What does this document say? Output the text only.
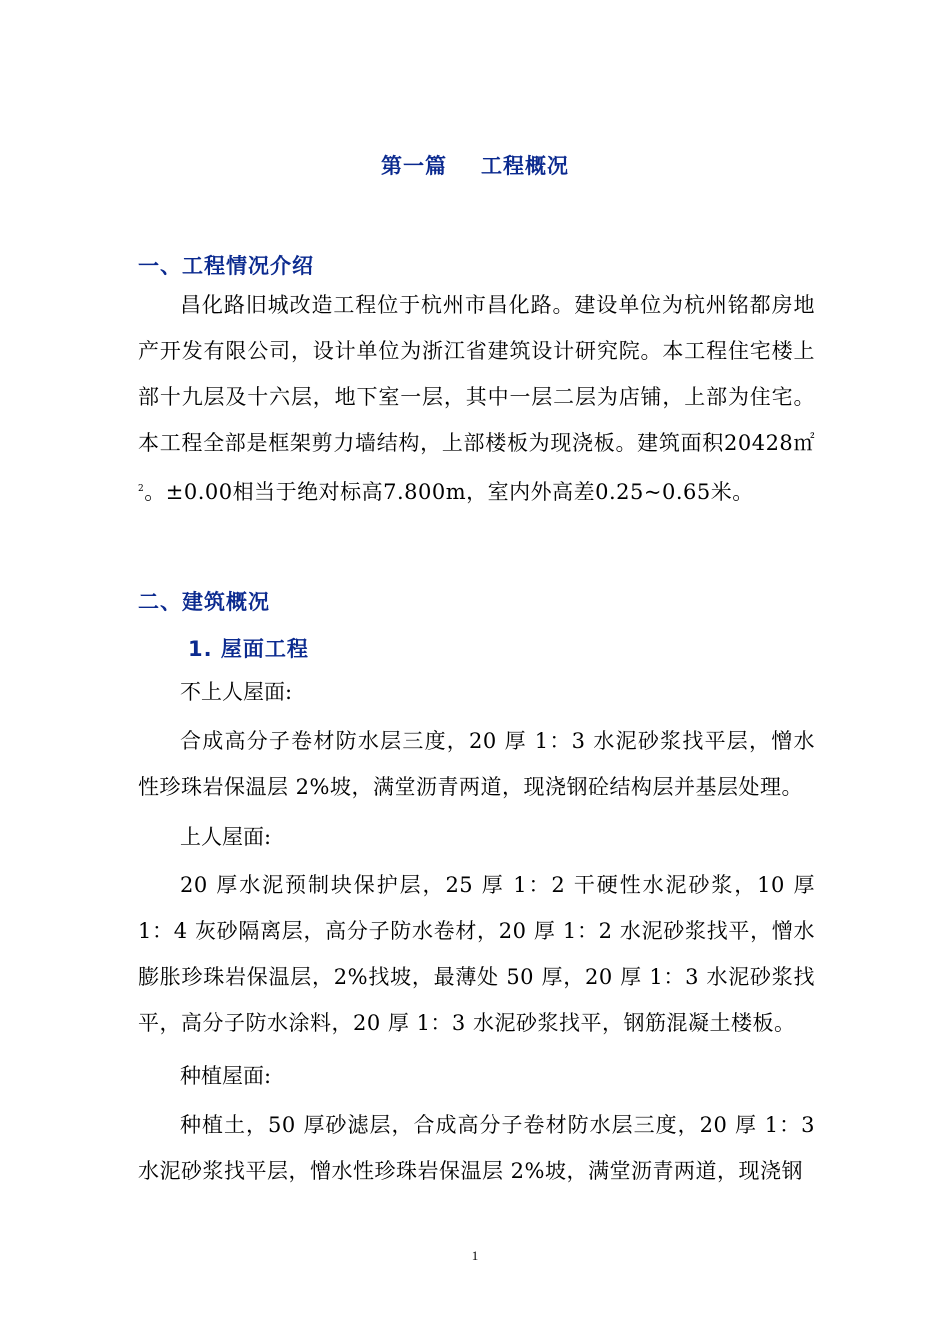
第一篇 工程概况
一、工程情况介绍
昌化路旧城改造工程位于杭州市昌化路。建设单位为杭州铭都房地产开发有限公司，设计单位为浙江省建筑设计研究院。本工程住宅楼上部十九层及十六层，地下室一层，其中一层二层为店铺，上部为住宅。本工程全部是框架剪力墙结构，上部楼板为现浇板。建筑面积20428㎡$^2$。±0.00相当于绝对标高7.800m，室内外高差0.25~0.65米。
二、建筑概况
1. 屋面工程
不上人屋面:
合成高分子卷材防水层三度，20 厚 1：3 水泥砂浆找平层，憎水性珍珠岩保温层 2%坡，满堂沥青两道，现浇钢砼结构层并基层处理。
上人屋面:
20 厚水泥预制块保护层，25 厚 1：2 干硬性水泥砂浆，10 厚 1：4 灰砂隔离层，高分子防水卷材，20 厚 1：2 水泥砂浆找平，憎水膨胀珍珠岩保温层，2%找坡，最薄处 50 厚，20 厚 1：3 水泥砂浆找平，高分子防水涂料，20 厚 1：3 水泥砂浆找平，钢筋混凝土楼板。
种植屋面:
种植土，50 厚砂滤层，合成高分子卷材防水层三度，20 厚 1：3 水泥砂浆找平层，憎水性珍珠岩保温层 2%坡，满堂沥青两道，现浇钢
1
